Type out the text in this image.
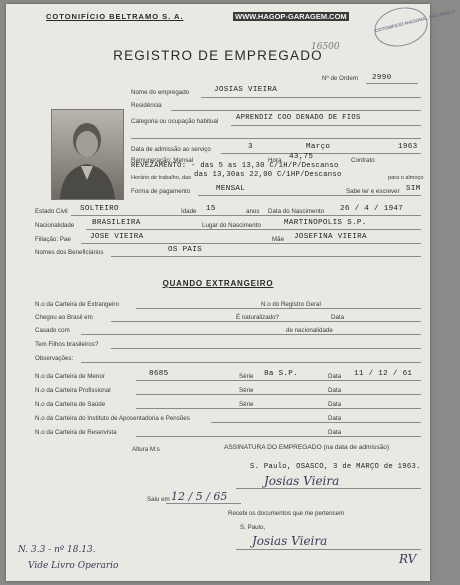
COTONIFÍCIO BELTRAMO S. A.	WWW.HAGOP-GARAGEM.COM
16500
COTONIFICIO NACIONAL SÃO PAULO
REGISTRO DE EMPREGADO
Nº de Ordem 2990
Nome do empregado	JOSIAS VIEIRA
Residência
Categoria ou ocupação habitual APRENDIZ COO DENADO DE FIOS
Data de admissão ao serviço	3	Março	1963
Remuneração: Mensal	Hora 43,75	Contrato
REVEZAMENTO: - das 5 as 13,30 C/1H/P/Descanso
Horário de trabalho, das das 13,30as 22,00 C/1HP/Descanso	para o almoço
Forma de pagamento	MENSAL	Sabe ler e escrever SIM
Estado Civil SOLTEIRO	Idade 15	anos Data do Nascimento 26 / 4 / 1947
Nacionalidade BRASILEIRA	Lugar do Nascimento	MARTINOPOLIS S.P.
Filiação: Pae	JOSE VIEIRA	Mãe JOSEFINA VIEIRA
Nomes dos Beneficiários	OS PAIS
QUANDO EXTRANGEIRO
N.o da Carteira de Extrangeiro	N.o do Registro Geral
Chegou ao Brasil em	É naturalizado?	Data
Casado com	de nacionalidade
Tem Filhos brasileiros?
Observações:
N.o da Carteira de Menor	8685	Série 8a S.P.	Data 11 / 12 / 61
N.o da Carteira Profissional	Série	Data
N.o da Carteira de Saúde	Série	Data
N.o da Carteira do Instituto de Aposentadoria e Pensões	Data
N.o da Carteira de Reservista	Data
Altura M:s	ASSINATURA DO EMPREGADO (na data de admissão)
S. Paulo, OSASCO, 3 de MARÇO de 1963.
Josias Vieira
Saiu em 12 / 5 / 65
Recebi os documentos que me pertencem
S. Paulo,
Josias Vieira
N. 3.3 - nº 18.13.
Vide Livro Operario	RV
